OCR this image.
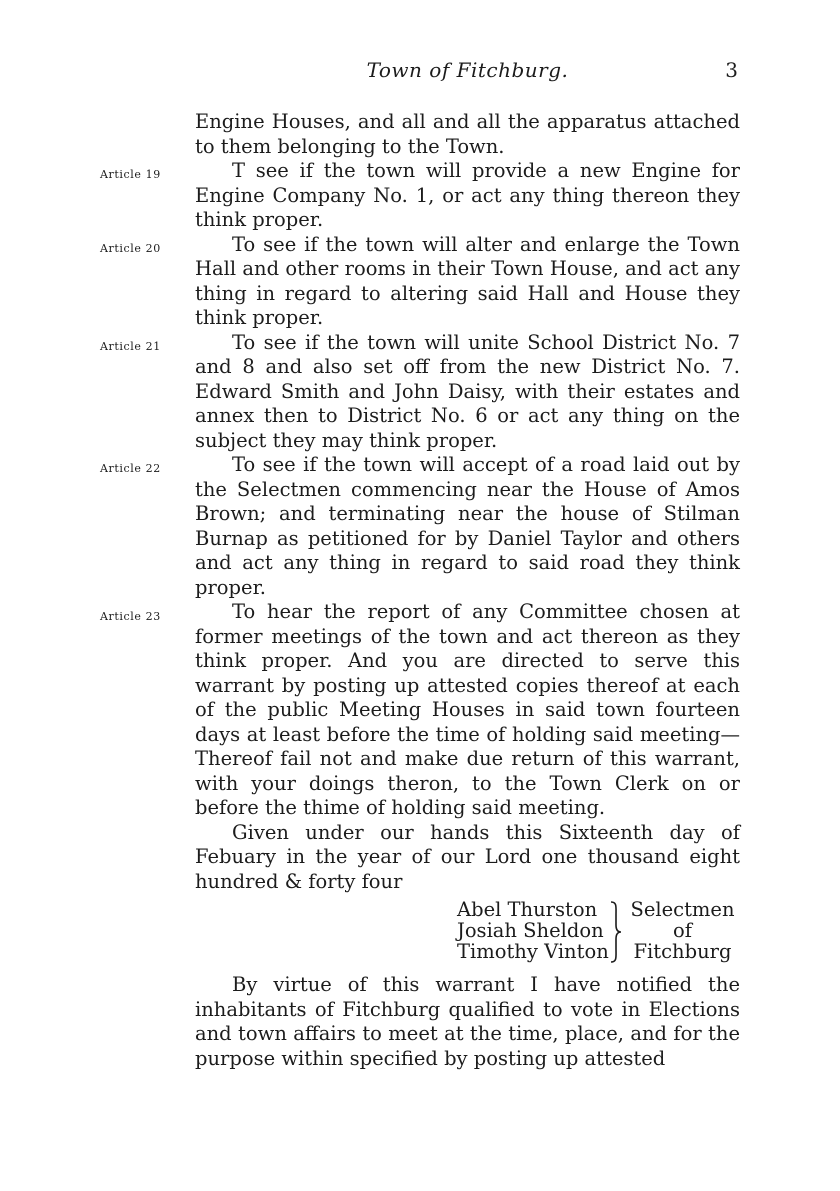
Town of Fitchburg.	3
Article 19
Article 20
Article 21
Article 22
Article 23

Engine Houses, and all and all the apparatus attached to them belonging to the Town.

T see if the town will provide a new Engine for Engine Company No. 1, or act any thing thereon they think proper.

To see if the town will alter and enlarge the Town Hall and other rooms in their Town House, and act any thing in regard to altering said Hall and House they think proper.

To see if the town will unite School District No. 7 and 8 and also set off from the new District No. 7. Edward Smith and John Daisy, with their estates and annex then to District No. 6 or act any thing on the subject they may think proper.

To see if the town will accept of a road laid out by the Selectmen commencing near the House of Amos Brown; and terminating near the house of Stilman Burnap as petitioned for by Daniel Taylor and others and act any thing in regard to said road they think proper.

To hear the report of any Committee chosen at former meetings of the town and act thereon as they think proper. And you are directed to serve this warrant by posting up attested copies thereof at each of the public Meeting Houses in said town fourteen days at least before the time of holding said meeting—Thereof fail not and make due return of this warrant, with your doings theron, to the Town Clerk on or before the thime of holding said meeting.

Given under our hands this Sixteenth day of Febuary in the year of our Lord one thousand eight hundred & forty four

Abel Thurston
Josiah Sheldon
Timothy Vinton
Selectmen
of
Fitchburg

By virtue of this warrant I have notified the inhabitants of Fitchburg qualified to vote in Elections and town affairs to meet at the time, place, and for the purpose within specified by posting up attested
